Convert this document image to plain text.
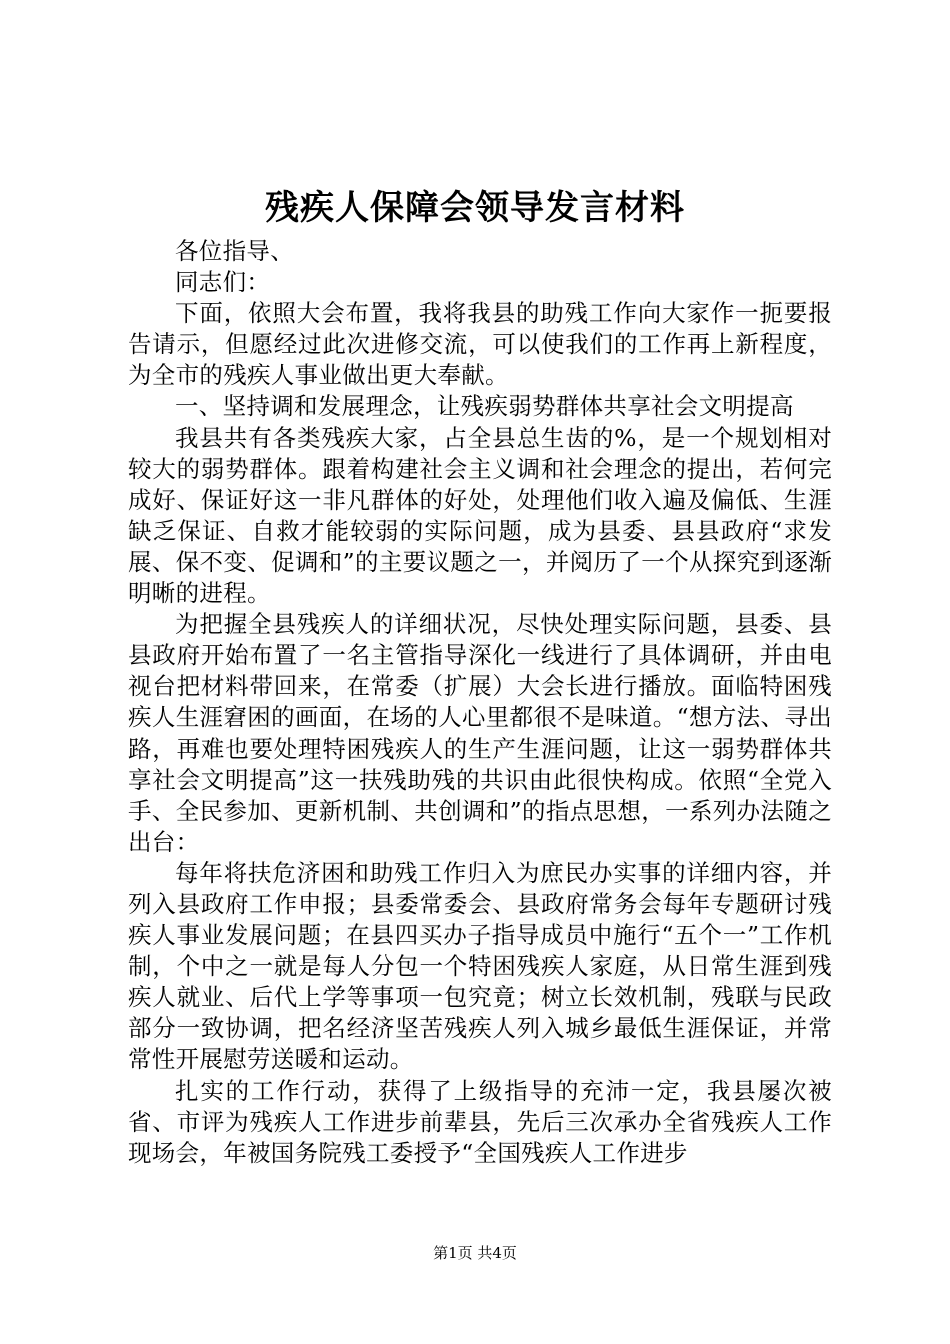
残疾人保障会领导发言材料

各位指导、

同志们：

下面，依照大会布置，我将我县的助残工作向大家作一扼要报告请示，但愿经过此次进修交流，可以使我们的工作再上新程度，为全市的残疾人事业做出更大奉献。

一、坚持调和发展理念，让残疾弱势群体共享社会文明提高

我县共有各类残疾大家，占全县总生齿的%，是一个规划相对较大的弱势群体。跟着构建社会主义调和社会理念的提出，若何完成好、保证好这一非凡群体的好处，处理他们收入遍及偏低、生涯缺乏保证、自救才能较弱的实际问题，成为县委、县县政府“求发展、保不变、促调和”的主要议题之一，并阅历了一个从探究到逐渐明晰的进程。

为把握全县残疾人的详细状况，尽快处理实际问题，县委、县县政府开始布置了一名主管指导深化一线进行了具体调研，并由电视台把材料带回来，在常委（扩展）大会长进行播放。面临特困残疾人生涯窘困的画面，在场的人心里都很不是味道。“想方法、寻出路，再难也要处理特困残疾人的生产生涯问题，让这一弱势群体共享社会文明提高”这一扶残助残的共识由此很快构成。依照“全党入手、全民参加、更新机制、共创调和”的指点思想，一系列办法随之出台：

每年将扶危济困和助残工作归入为庶民办实事的详细内容，并列入县政府工作申报；县委常委会、县政府常务会每年专题研讨残疾人事业发展问题；在县四买办子指导成员中施行“五个一”工作机制，个中之一就是每人分包一个特困残疾人家庭，从日常生涯到残疾人就业、后代上学等事项一包究竟；树立长效机制，残联与民政部分一致协调，把名经济坚苦残疾人列入城乡最低生涯保证，并常常性开展慰劳送暖和运动。

扎实的工作行动，获得了上级指导的充沛一定，我县屡次被省、市评为残疾人工作进步前辈县，先后三次承办全省残疾人工作现场会，年被国务院残工委授予“全国残疾人工作进步

第1页 共4页
